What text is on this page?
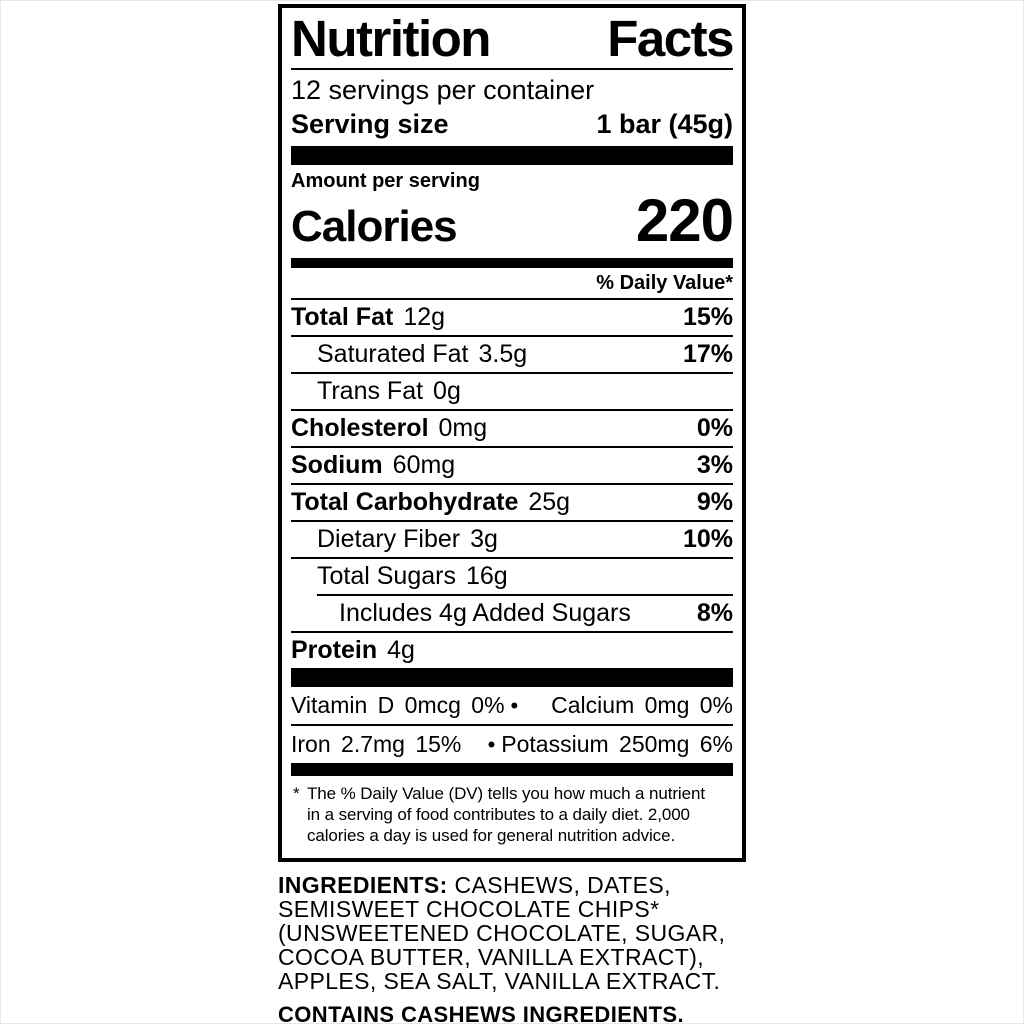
Nutrition Facts
12 servings per container
Serving size	1 bar (45g)
Amount per serving
Calories	220
% Daily Value*
Total Fat 12g	15%
Saturated Fat 3.5g	17%
Trans Fat 0g
Cholesterol 0mg	0%
Sodium 60mg	3%
Total Carbohydrate 25g	9%
Dietary Fiber 3g	10%
Total Sugars 16g
Includes 4g Added Sugars	8%
Protein 4g
Vitamin D 0mcg 0% •	Calcium 0mg 0%
Iron 2.7mg 15%	• Potassium 250mg 6%
* The % Daily Value (DV) tells you how much a nutrient
in a serving of food contributes to a daily diet. 2,000
calories a day is used for general nutrition advice.
INGREDIENTS: CASHEWS, DATES, SEMISWEET CHOCOLATE CHIPS* (UNSWEETENED CHOCOLATE, SUGAR, COCOA BUTTER, VANILLA EXTRACT), APPLES, SEA SALT, VANILLA EXTRACT.
CONTAINS CASHEWS INGREDIENTS.
